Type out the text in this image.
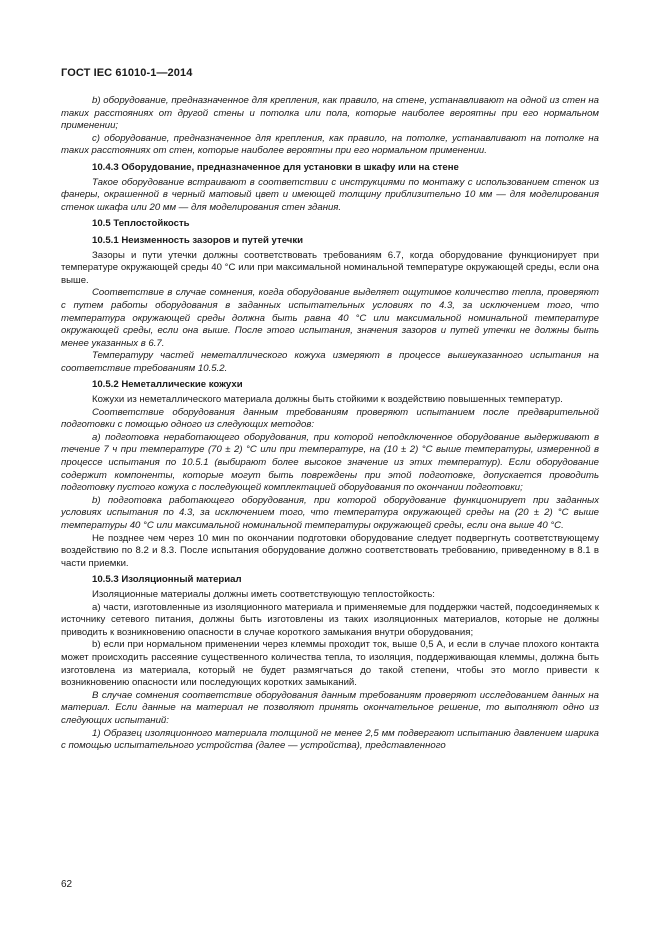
ГОСТ IEC 61010-1—2014

b) оборудование, предназначенное для крепления, как правило, на стене, устанавливают на одной из стен на таких расстояниях от другой стены и потолка или пола, которые наиболее вероятны при его нормальном применении;

c) оборудование, предназначенное для крепления, как правило, на потолке, устанавливают на потолке на таких расстояниях от стен, которые наиболее вероятны при его нормальном применении.

10.4.3 Оборудование, предназначенное для установки в шкафу или на стене

Такое оборудование встраивают в соответствии с инструкциями по монтажу с использованием стенок из фанеры, окрашенной в черный матовый цвет и имеющей толщину приблизительно 10 мм — для моделирования стенок шкафа или 20 мм — для моделирования стен здания.

10.5 Теплостойкость

10.5.1 Неизменность зазоров и путей утечки

Зазоры и пути утечки должны соответствовать требованиям 6.7, когда оборудование функционирует при температуре окружающей среды 40 °С или при максимальной номинальной температуре окружающей среды, если она выше.

Соответствие в случае сомнения, когда оборудование выделяет ощутимое количество тепла, проверяют с путем работы оборудования в заданных испытательных условиях по 4.3, за исключением того, что температура окружающей среды должна быть равна 40 °С или максимальной номинальной температуре окружающей среды, если она выше. После этого испытания, значения зазоров и путей утечки не должны быть менее указанных в 6.7.

Температуру частей неметаллического кожуха измеряют в процессе вышеуказанного испытания на соответствие требованиям 10.5.2.

10.5.2 Неметаллические кожухи

Кожухи из неметаллического материала должны быть стойкими к воздействию повышенных температур.

Соответствие оборудования данным требованиям проверяют испытанием после предварительной подготовки с помощью одного из следующих методов:

а) подготовка неработающего оборудования, при которой неподключенное оборудование выдерживают в течение 7 ч при температуре (70 ± 2) °С или при температуре, на (10 ± 2) °С выше температуры, измеренной в процессе испытания по 10.5.1 (выбирают более высокое значение из этих температур). Если оборудование содержит компоненты, которые могут быть повреждены при этой подготовке, допускается проводить подготовку пустого кожуха с последующей комплектацией оборудования по окончании подготовки;

b) подготовка работающего оборудования, при которой оборудование функционирует при заданных условиях испытания по 4.3, за исключением того, что температура окружающей среды на (20 ± 2) °С выше температуры 40 °С или максимальной номинальной температуры окружающей среды, если она выше 40 °С.

Не позднее чем через 10 мин по окончании подготовки оборудование следует подвергнуть соответствующему воздействию по 8.2 и 8.3. После испытания оборудование должно соответствовать требованию, приведенному в 8.1 в части приемки.

10.5.3 Изоляционный материал

Изоляционные материалы должны иметь соответствующую теплостойкость:

а) части, изготовленные из изоляционного материала и применяемые для поддержки частей, подсоединяемых к источнику сетевого питания, должны быть изготовлены из таких изоляционных материалов, которые не должны приводить к возникновению опасности в случае короткого замыкания внутри оборудования;

b) если при нормальном применении через клеммы проходит ток, выше 0,5 А, и если в случае плохого контакта может происходить рассеяние существенного количества тепла, то изоляция, поддерживающая клеммы, должна быть изготовлена из материала, который не будет размягчаться до такой степени, чтобы это могло привести к возникновению опасности или последующих коротких замыканий.

В случае сомнения соответствие оборудования данным требованиям проверяют исследованием данных на материал. Если данные на материал не позволяют принять окончательное решение, то выполняют одно из следующих испытаний:

1) Образец изоляционного материала толщиной не менее 2,5 мм подвергают испытанию давлением шарика с помощью испытательного устройства (далее — устройства), представленного

62
